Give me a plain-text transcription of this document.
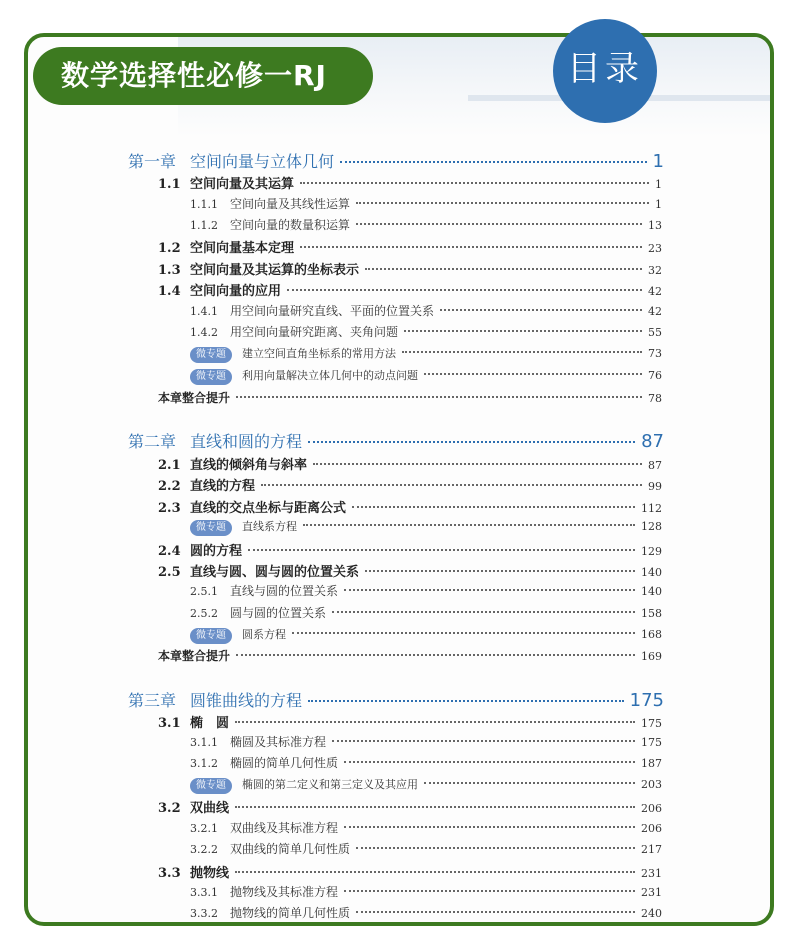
数学选择性必修一RJ	目录
第一章 空间向量与立体几何	1
1.1 空间向量及其运算	1
1.1.1	空间向量及其线性运算	1
1.1.2	空间向量的数量积运算	13
1.2 空间向量基本定理	23
1.3 空间向量及其运算的坐标表示	32
1.4 空间向量的应用	42
1.4.1	用空间向量研究直线、平面的位置关系	42
1.4.2	用空间向量研究距离、夹角问题	55
微专题	建立空间直角坐标系的常用方法	73
微专题	利用向量解决立体几何中的动点问题	76
本章整合提升	78
第二章 直线和圆的方程	87
2.1 直线的倾斜角与斜率	87
2.2 直线的方程	99
2.3 直线的交点坐标与距离公式	112
微专题	直线系方程	128
2.4 圆的方程	129
2.5 直线与圆、圆与圆的位置关系	140
2.5.1	直线与圆的位置关系	140
2.5.2	圆与圆的位置关系	158
微专题	圆系方程	168
本章整合提升	169
第三章 圆锥曲线的方程	175
3.1 椭　圆	175
3.1.1	椭圆及其标准方程	175
3.1.2	椭圆的简单几何性质	187
微专题	椭圆的第二定义和第三定义及其应用	203
3.2 双曲线	206
3.2.1	双曲线及其标准方程	206
3.2.2	双曲线的简单几何性质	217
3.3 抛物线	231
3.3.1	抛物线及其标准方程	231
3.3.2	抛物线的简单几何性质	240
